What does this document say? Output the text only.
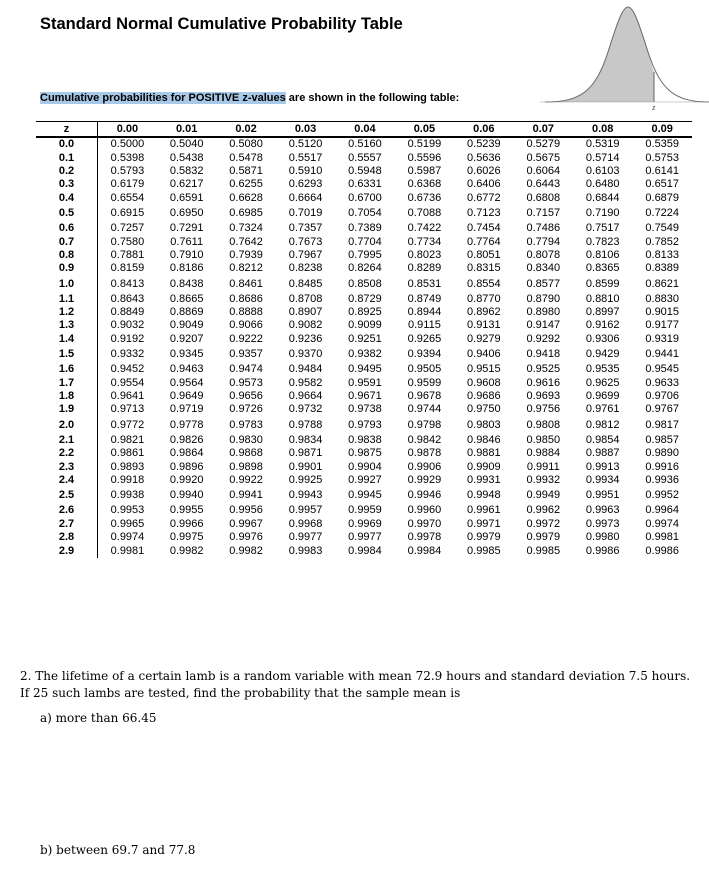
Standard Normal Cumulative Probability Table
z
Cumulative probabilities for POSITIVE z-values are shown in the following table:
z	0.00	0.01	0.02	0.03	0.04	0.05	0.06	0.07	0.08	0.09
0.0	0.5000	0.5040	0.5080	0.5120	0.5160	0.5199	0.5239	0.5279	0.5319	0.5359
0.1	0.5398	0.5438	0.5478	0.5517	0.5557	0.5596	0.5636	0.5675	0.5714	0.5753
0.2	0.5793	0.5832	0.5871	0.5910	0.5948	0.5987	0.6026	0.6064	0.6103	0.6141
0.3	0.6179	0.6217	0.6255	0.6293	0.6331	0.6368	0.6406	0.6443	0.6480	0.6517
0.4	0.6554	0.6591	0.6628	0.6664	0.6700	0.6736	0.6772	0.6808	0.6844	0.6879
0.5	0.6915	0.6950	0.6985	0.7019	0.7054	0.7088	0.7123	0.7157	0.7190	0.7224
0.6	0.7257	0.7291	0.7324	0.7357	0.7389	0.7422	0.7454	0.7486	0.7517	0.7549
0.7	0.7580	0.7611	0.7642	0.7673	0.7704	0.7734	0.7764	0.7794	0.7823	0.7852
0.8	0.7881	0.7910	0.7939	0.7967	0.7995	0.8023	0.8051	0.8078	0.8106	0.8133
0.9	0.8159	0.8186	0.8212	0.8238	0.8264	0.8289	0.8315	0.8340	0.8365	0.8389
1.0	0.8413	0.8438	0.8461	0.8485	0.8508	0.8531	0.8554	0.8577	0.8599	0.8621
1.1	0.8643	0.8665	0.8686	0.8708	0.8729	0.8749	0.8770	0.8790	0.8810	0.8830
1.2	0.8849	0.8869	0.8888	0.8907	0.8925	0.8944	0.8962	0.8980	0.8997	0.9015
1.3	0.9032	0.9049	0.9066	0.9082	0.9099	0.9115	0.9131	0.9147	0.9162	0.9177
1.4	0.9192	0.9207	0.9222	0.9236	0.9251	0.9265	0.9279	0.9292	0.9306	0.9319
1.5	0.9332	0.9345	0.9357	0.9370	0.9382	0.9394	0.9406	0.9418	0.9429	0.9441
1.6	0.9452	0.9463	0.9474	0.9484	0.9495	0.9505	0.9515	0.9525	0.9535	0.9545
1.7	0.9554	0.9564	0.9573	0.9582	0.9591	0.9599	0.9608	0.9616	0.9625	0.9633
1.8	0.9641	0.9649	0.9656	0.9664	0.9671	0.9678	0.9686	0.9693	0.9699	0.9706
1.9	0.9713	0.9719	0.9726	0.9732	0.9738	0.9744	0.9750	0.9756	0.9761	0.9767
2.0	0.9772	0.9778	0.9783	0.9788	0.9793	0.9798	0.9803	0.9808	0.9812	0.9817
2.1	0.9821	0.9826	0.9830	0.9834	0.9838	0.9842	0.9846	0.9850	0.9854	0.9857
2.2	0.9861	0.9864	0.9868	0.9871	0.9875	0.9878	0.9881	0.9884	0.9887	0.9890
2.3	0.9893	0.9896	0.9898	0.9901	0.9904	0.9906	0.9909	0.9911	0.9913	0.9916
2.4	0.9918	0.9920	0.9922	0.9925	0.9927	0.9929	0.9931	0.9932	0.9934	0.9936
2.5	0.9938	0.9940	0.9941	0.9943	0.9945	0.9946	0.9948	0.9949	0.9951	0.9952
2.6	0.9953	0.9955	0.9956	0.9957	0.9959	0.9960	0.9961	0.9962	0.9963	0.9964
2.7	0.9965	0.9966	0.9967	0.9968	0.9969	0.9970	0.9971	0.9972	0.9973	0.9974
2.8	0.9974	0.9975	0.9976	0.9977	0.9977	0.9978	0.9979	0.9979	0.9980	0.9981
2.9	0.9981	0.9982	0.9982	0.9983	0.9984	0.9984	0.9985	0.9985	0.9986	0.9986
2. The lifetime of a certain lamb is a random variable with mean 72.9 hours and standard deviation 7.5 hours. If 25 such lambs are tested, find the probability that the sample mean is
a) more than 66.45
b) between 69.7 and 77.8
